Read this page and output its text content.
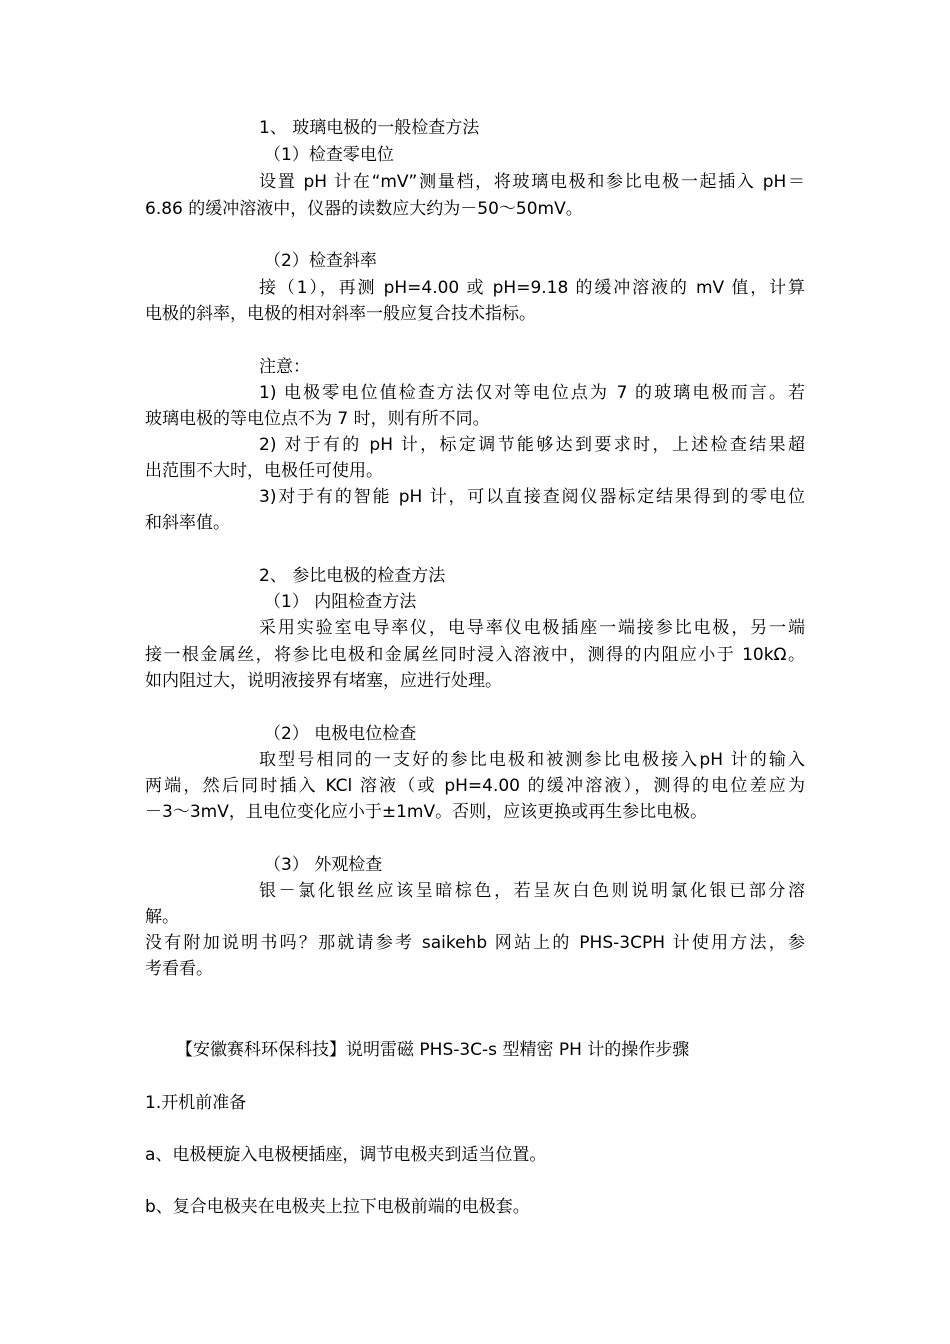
1、 玻璃电极的一般检查方法
（1）检查零电位
设置 pH 计在“mV”测量档，将玻璃电极和参比电极一起插入 pH＝
6.86 的缓冲溶液中，仪器的读数应大约为－50～50mV。
（2）检查斜率
接（1），再测 pH=4.00 或 pH=9.18 的缓冲溶液的 mV 值，计算
电极的斜率，电极的相对斜率一般应复合技术指标。
注意：
1) 电极零电位值检查方法仅对等电位点为 7 的玻璃电极而言。若
玻璃电极的等电位点不为 7 时，则有所不同。
2) 对于有的 pH 计，标定调节能够达到要求时，上述检查结果超
出范围不大时，电极任可使用。
3)对于有的智能 pH 计，可以直接查阅仪器标定结果得到的零电位
和斜率值。
2、 参比电极的检查方法
（1） 内阻检查方法
采用实验室电导率仪，电导率仪电极插座一端接参比电极，另一端
接一根金属丝，将参比电极和金属丝同时浸入溶液中，测得的内阻应小于 10kΩ。
如内阻过大，说明液接界有堵塞，应进行处理。
（2） 电极电位检查
取型号相同的一支好的参比电极和被测参比电极接入pH 计的输入
两端，然后同时插入 KCl 溶液（或 pH=4.00 的缓冲溶液），测得的电位差应为
－3～3mV，且电位变化应小于±1mV。否则，应该更换或再生参比电极。
（3） 外观检查
银－氯化银丝应该呈暗棕色，若呈灰白色则说明氯化银已部分溶
解。
没有附加说明书吗？那就请参考 saikehb 网站上的 PHS-3CPH 计使用方法，参
考看看。
【安徽赛科环保科技】说明雷磁 PHS-3C-s 型精密 PH 计的操作步骤
1.开机前准备
a、电极梗旋入电极梗插座，调节电极夹到适当位置。
b、复合电极夹在电极夹上拉下电极前端的电极套。
